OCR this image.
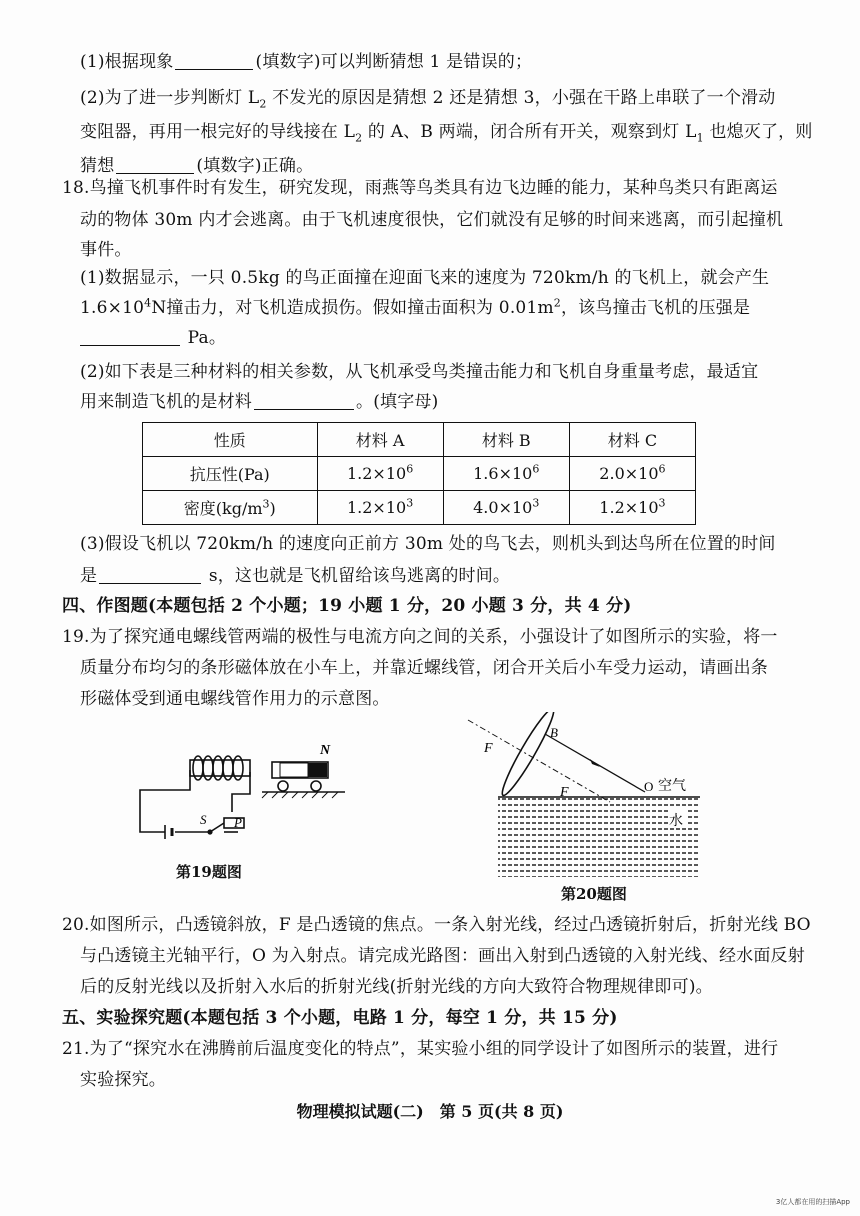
(1)根据现象	(填数字)可以判断猜想 1 是错误的；
(2)为了进一步判断灯 $L_2$ 不发光的原因是猜想 2 还是猜想 3，小强在干路上串联了一个滑动
变阻器，再用一根完好的导线接在 $L_2$ 的 A、B 两端，闭合所有开关，观察到灯 $L_1$ 也熄灭了，则
猜想	(填数字)正确。
18.鸟撞飞机事件时有发生，研究发现，雨燕等鸟类具有边飞边睡的能力，某种鸟类只有距离运
动的物体 30m 内才会逃离。由于飞机速度很快，它们就没有足够的时间来逃离，而引起撞机
事件。
(1)数据显示，一只 0.5kg 的鸟正面撞在迎面飞来的速度为 720km/h 的飞机上，就会产生
$1.6\times 10^4N$撞击力，对飞机造成损伤。假如撞击面积为 $0.01m^2$，该鸟撞击飞机的压强是
Pa。
(2)如下表是三种材料的相关参数，从飞机承受鸟类撞击能力和飞机自身重量考虑，最适宜
用来制造飞机的是材料	。(填字母)
性质	材料 A	材料 B	材料 C
抗压性(Pa)	$1.2\times 10^6$	$1.6\times 10^6$	$2.0\times 10^6$
密度$(kg/m^3)$	$1.2\times 10^3$	$4.0\times 10^3$	$1.2\times 10^3$
(3)假设飞机以 720km/h 的速度向正前方 30m 处的鸟飞去，则机头到达鸟所在位置的时间
是	s，这也就是飞机留给该鸟逃离的时间。
四、作图题(本题包括 2 个小题；19 小题 1 分，20 小题 3 分，共 4 分)
19.为了探究通电螺线管两端的极性与电流方向之间的关系，小强设计了如图所示的实验，将一
质量分布均匀的条形磁体放在小车上，并靠近螺线管，闭合开关后小车受力运动，请画出条
形磁体受到通电螺线管作用力的示意图。
N
S P
第19题图
F
F
B
O 空气
水
第20题图
20.如图所示，凸透镜斜放，F 是凸透镜的焦点。一条入射光线，经过凸透镜折射后，折射光线 BO
与凸透镜主光轴平行，O 为入射点。请完成光路图：画出入射到凸透镜的入射光线、经水面反射
后的反射光线以及折射入水后的折射光线(折射光线的方向大致符合物理规律即可)。
五、实验探究题(本题包括 3 个小题，电路 1 分，每空 1 分，共 15 分)
21.为了“探究水在沸腾前后温度变化的特点”，某实验小组的同学设计了如图所示的装置，进行
实验探究。
物理模拟试题(二)　第 5 页(共 8 页)
3亿人都在用的扫描App
